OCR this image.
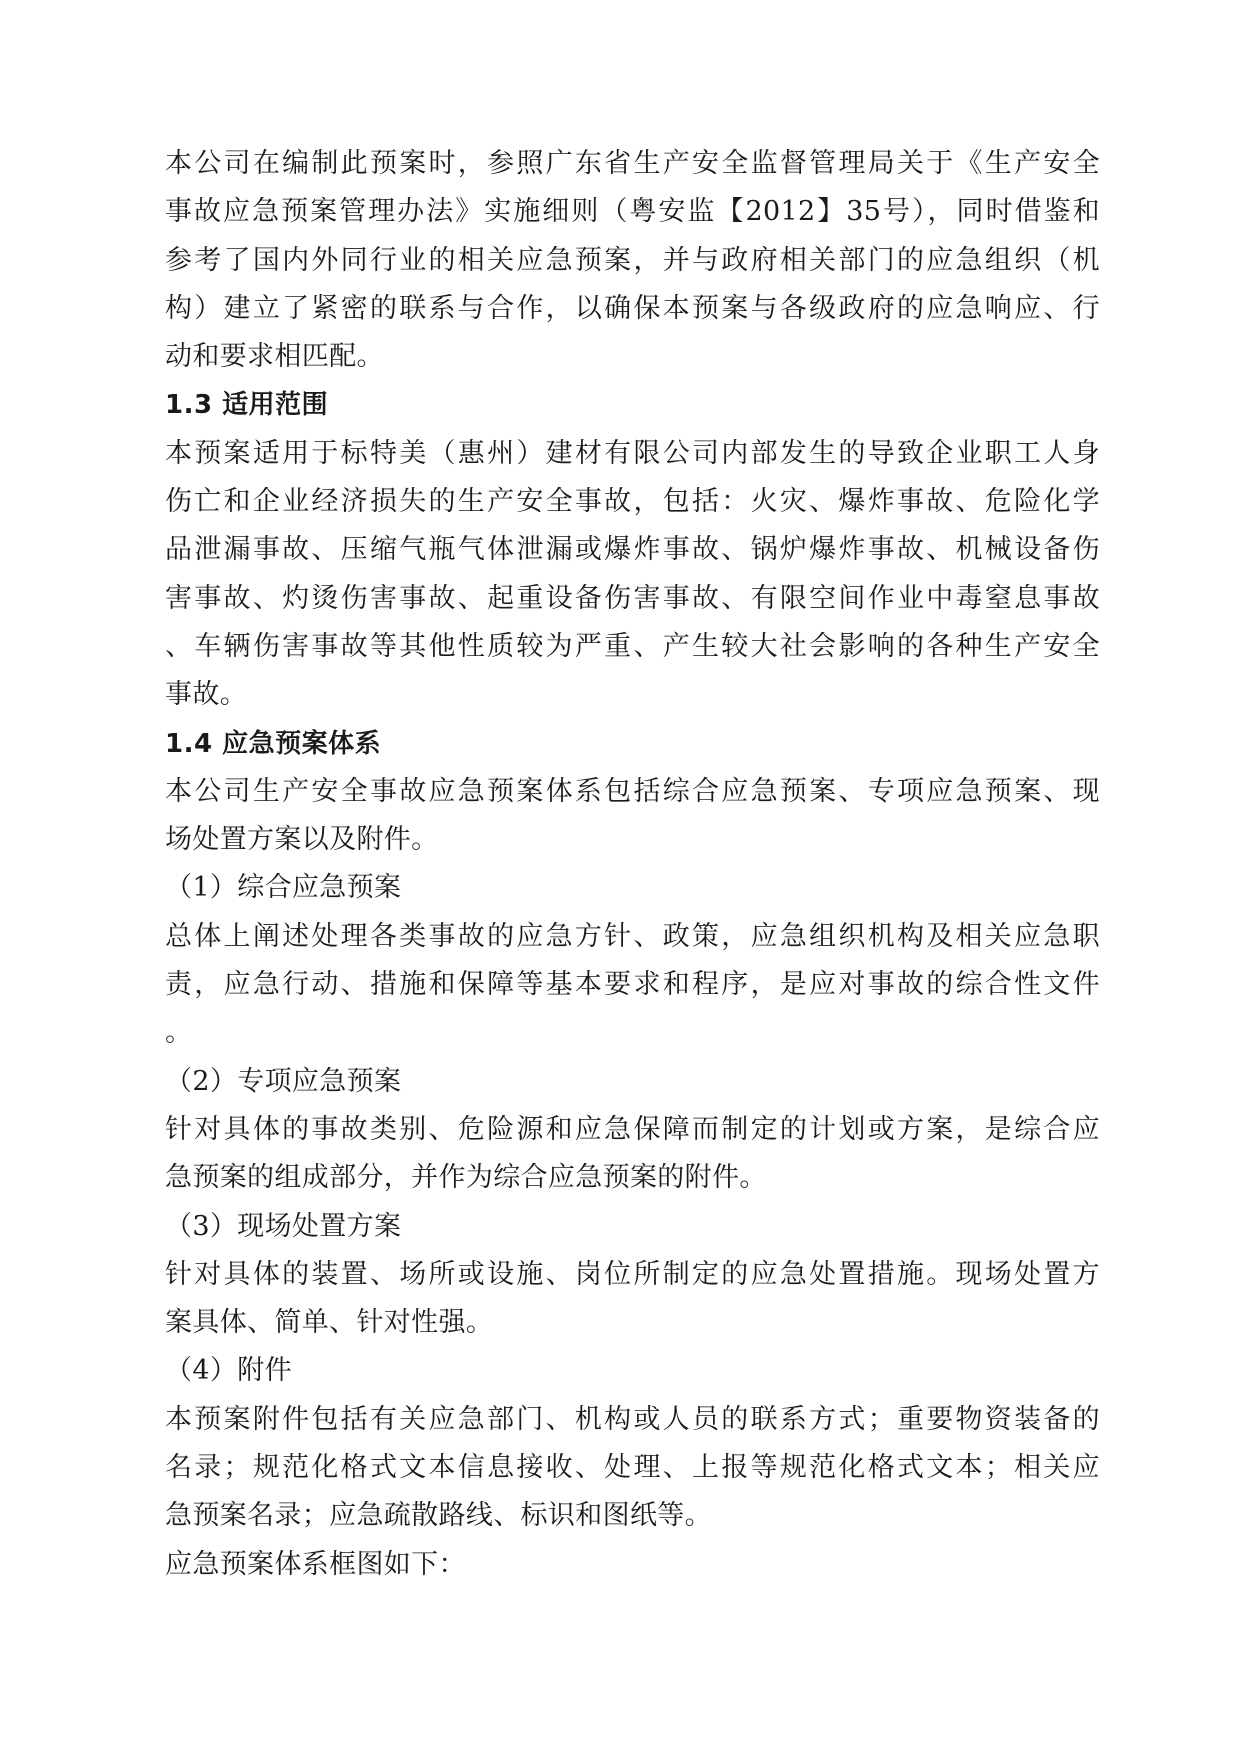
本公司在编制此预案时，参照广东省生产安全监督管理局关于《生产安全
事故应急预案管理办法》实施细则（粤安监【2012】35号），同时借鉴和
参考了国内外同行业的相关应急预案，并与政府相关部门的应急组织（机
构）建立了紧密的联系与合作，以确保本预案与各级政府的应急响应、行
动和要求相匹配。
1.3 适用范围
本预案适用于标特美（惠州）建材有限公司内部发生的导致企业职工人身
伤亡和企业经济损失的生产安全事故，包括：火灾、爆炸事故、危险化学
品泄漏事故、压缩气瓶气体泄漏或爆炸事故、锅炉爆炸事故、机械设备伤
害事故、灼烫伤害事故、起重设备伤害事故、有限空间作业中毒窒息事故
、车辆伤害事故等其他性质较为严重、产生较大社会影响的各种生产安全
事故。
1.4 应急预案体系
本公司生产安全事故应急预案体系包括综合应急预案、专项应急预案、现
场处置方案以及附件。
（1）综合应急预案
总体上阐述处理各类事故的应急方针、政策，应急组织机构及相关应急职
责，应急行动、措施和保障等基本要求和程序，是应对事故的综合性文件
。
（2）专项应急预案
针对具体的事故类别、危险源和应急保障而制定的计划或方案，是综合应
急预案的组成部分，并作为综合应急预案的附件。
（3）现场处置方案
针对具体的装置、场所或设施、岗位所制定的应急处置措施。现场处置方
案具体、简单、针对性强。
（4）附件
本预案附件包括有关应急部门、机构或人员的联系方式；重要物资装备的
名录；规范化格式文本信息接收、处理、上报等规范化格式文本；相关应
急预案名录；应急疏散路线、标识和图纸等。
应急预案体系框图如下：
